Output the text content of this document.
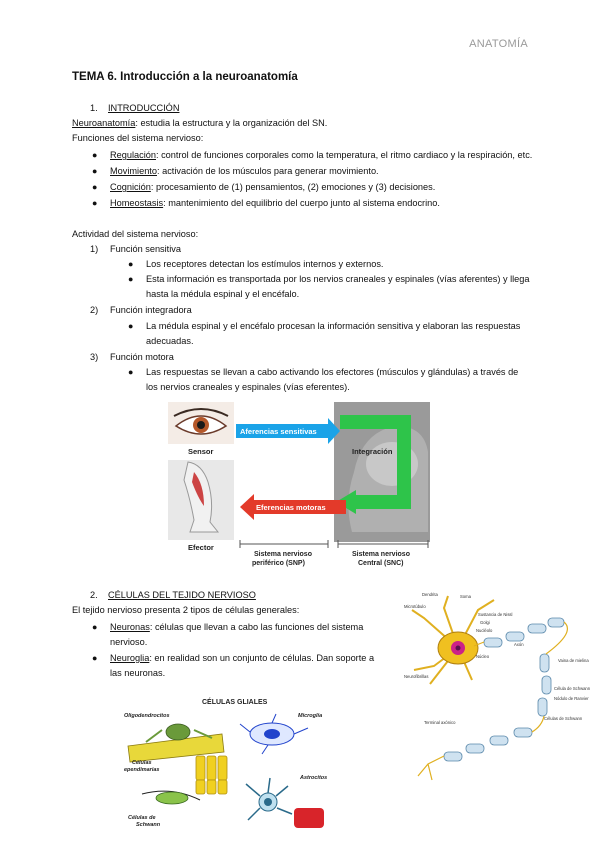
ANATOMÍA
TEMA 6. Introducción a la neuroanatomía
1. INTRODUCCIÓN
Neuroanatomía: estudia la estructura y la organización del SN.
Funciones del sistema nervioso:
● Regulación: control de funciones corporales como la temperatura, el ritmo cardiaco y la respiración, etc.
● Movimiento: activación de los músculos para generar movimiento.
● Cognición: procesamiento de (1) pensamientos, (2) emociones y (3) decisiones.
● Homeostasis: mantenimiento del equilibrio del cuerpo junto al sistema endocrino.
Actividad del sistema nervioso:
1) Función sensitiva
● Los receptores detectan los estímulos internos y externos.
● Esta información es transportada por los nervios craneales y espinales (vías aferentes) y llega
hasta la médula espinal y el encéfalo.
2) Función integradora
● La médula espinal y el encéfalo procesan la información sensitiva y elaboran las respuestas
adecuadas.
3) Función motora
● Las respuestas se llevan a cabo activando los efectores (músculos y glándulas) a través de
los nervios craneales y espinales (vías eferentes).
Aferencias sensitivas
Integración
Sensor
Eferencias motoras
Efector
Sistema nervioso
periférico (SNP)
Sistema nervioso
Central (SNC)
2. CÉLULAS DEL TEJIDO NERVIOSO
El tejido nervioso presenta 2 tipos de células generales:
● Neuronas: células que llevan a cabo las funciones del sistema
nervioso.
● Neuroglia: en realidad son un conjunto de células. Dan soporte a
las neuronas.
CÉLULAS GLIALES
Oligodendrocitos	Microglía
Células
ependimarias
Astrocitos
Células de
Schwann
Dendrita	Soma
Microtúbulo
Sustancia de Nissl
Golgi
Nucléolo
Núcleo
Axón
Neurofibrillas
Vaina de mielina
Nódulo de Ranvier
Célula de Schwann
Terminal axónico
Células de Schwann
